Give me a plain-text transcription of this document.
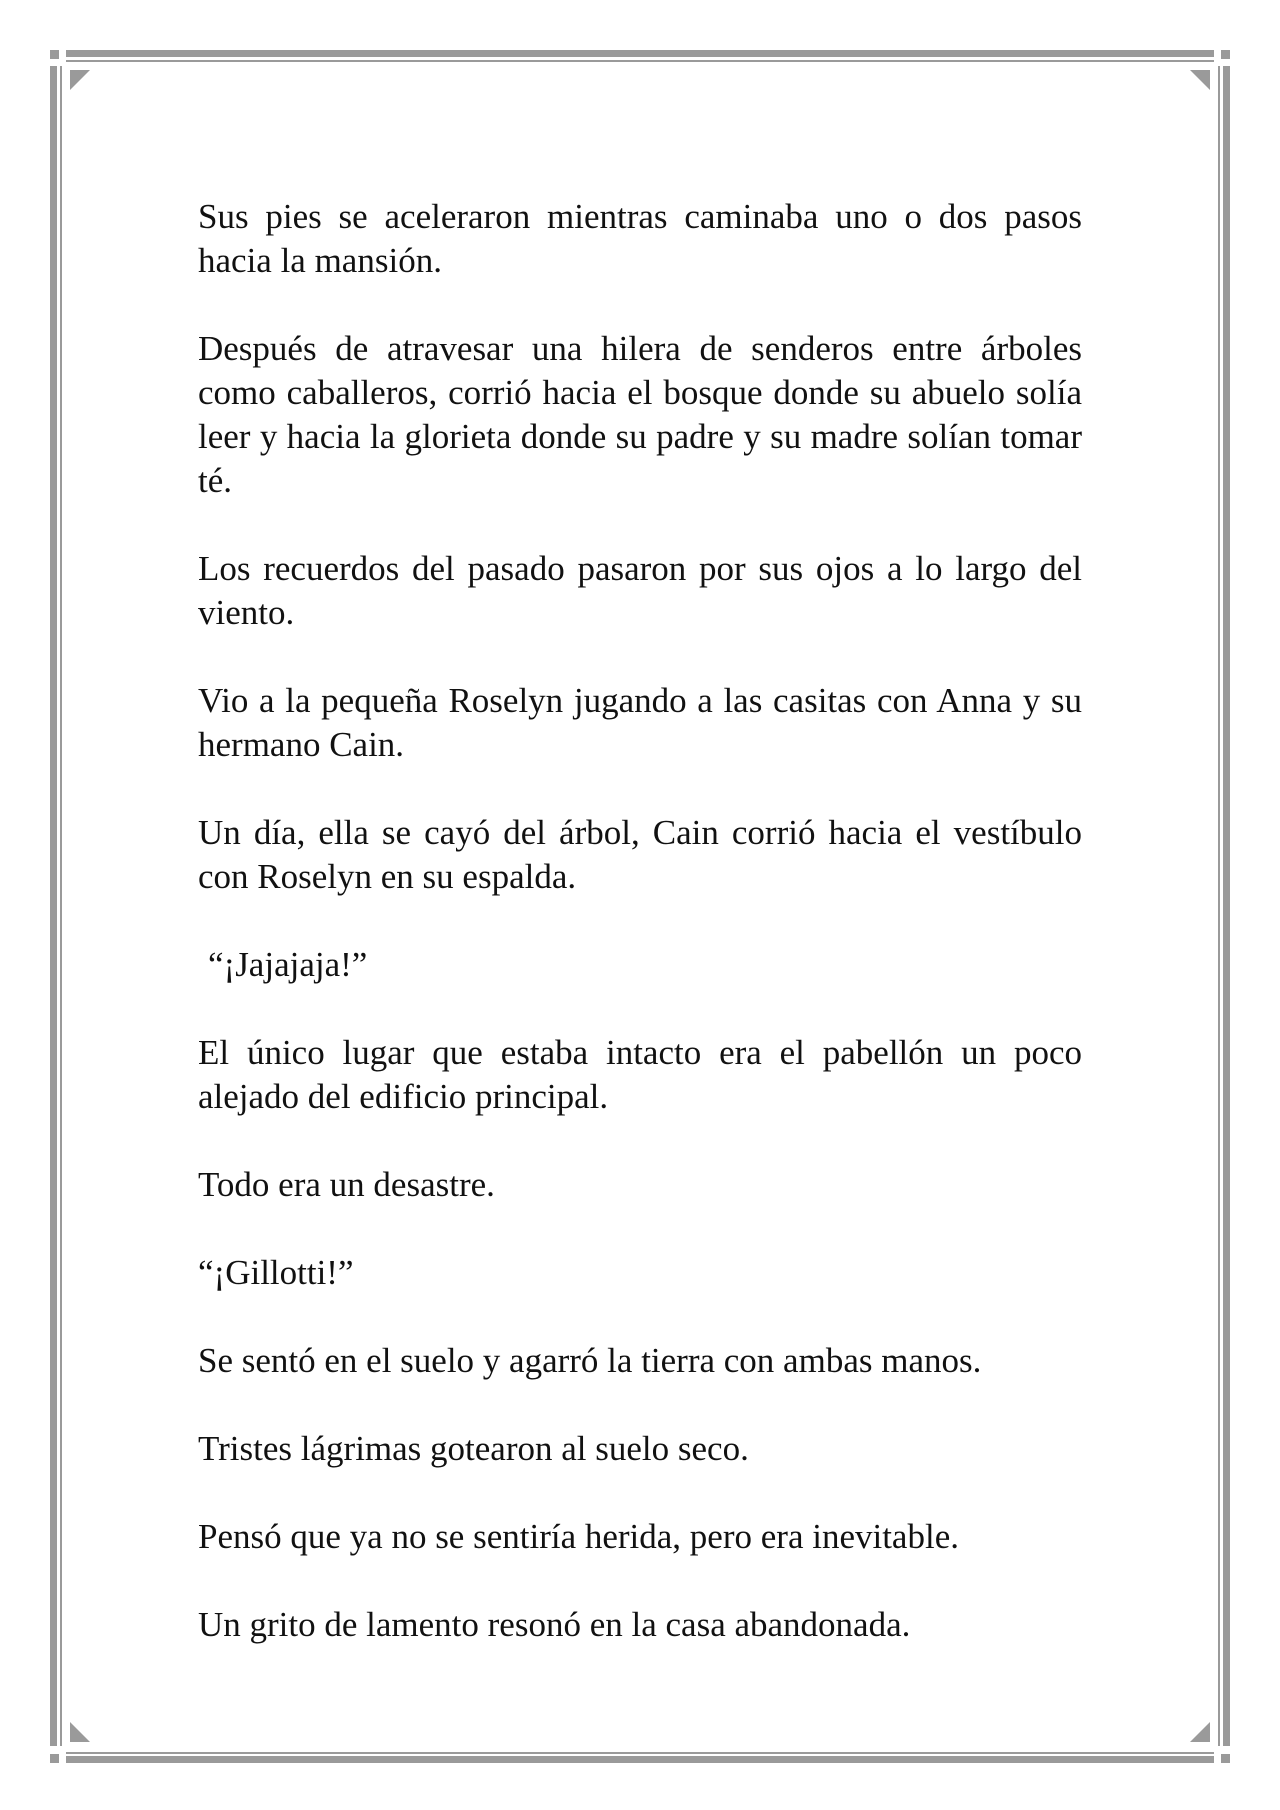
Sus pies se aceleraron mientras caminaba uno o dos pasos hacia la mansión.

Después de atravesar una hilera de senderos entre árboles como caballeros, corrió hacia el bosque donde su abuelo solía leer y hacia la glorieta donde su padre y su madre solían tomar té.

Los recuerdos del pasado pasaron por sus ojos a lo largo del viento.

Vio a la pequeña Roselyn jugando a las casitas con Anna y su hermano Cain.

Un día, ella se cayó del árbol, Cain corrió hacia el vestíbulo con Roselyn en su espalda.

“¡Jajajaja!”

El único lugar que estaba intacto era el pabellón un poco alejado del edificio principal.

Todo era un desastre.

“¡Gillotti!”

Se sentó en el suelo y agarró la tierra con ambas manos.

Tristes lágrimas gotearon al suelo seco.

Pensó que ya no se sentiría herida, pero era inevitable.

Un grito de lamento resonó en la casa abandonada.
